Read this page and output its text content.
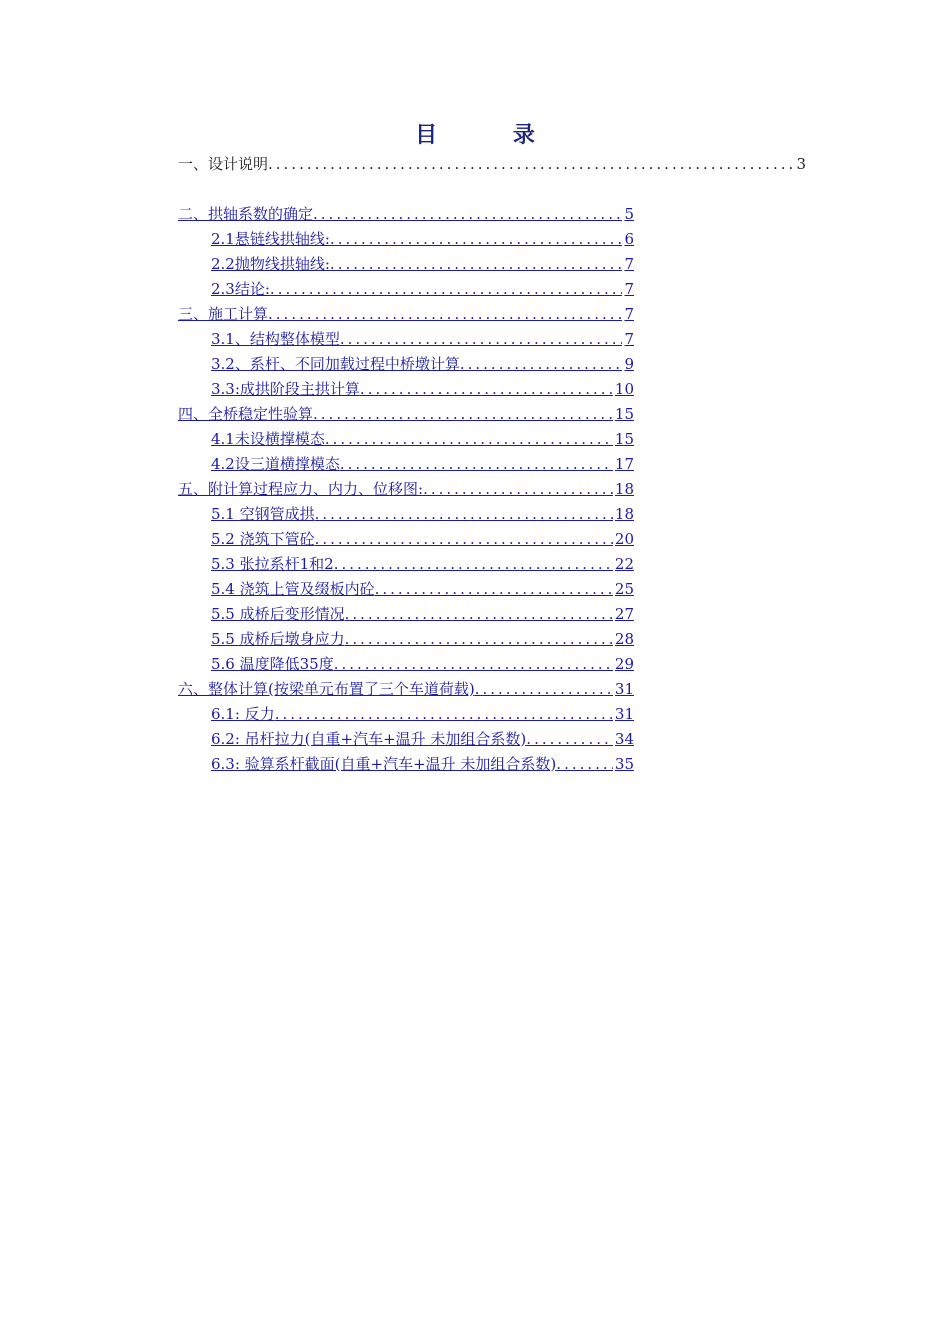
目 录
一、设计说明 .....	3
二、拱轴系数的确定 .....	5
2.1悬链线拱轴线: .....	6
2.2抛物线拱轴线: .....	7
2.3结论: .....	7
三、施工计算 .....	7
3.1、结构整体模型 .....	7
3.2、系杆、不同加载过程中桥墩计算 .....	9
3.3:成拱阶段主拱计算 .....	10
四、全桥稳定性验算 .....	15
4.1未设横撑模态 .....	15
4.2设三道横撑模态 .....	17
五、附计算过程应力、内力、位移图: .....	18
5.1 空钢管成拱 .....	18
5.2 浇筑下管砼 .....	20
5.3 张拉系杆1和2 .....	22
5.4 浇筑上管及缀板内砼 .....	25
5.5 成桥后变形情况 .....	27
5.5 成桥后墩身应力 .....	28
5.6 温度降低35度 .....	29
六、整体计算(按梁单元布置了三个车道荷载) .....	31
6.1: 反力 .....	31
6.2: 吊杆拉力(自重+汽车+温升 未加组合系数) .....	34
6.3: 验算系杆截面(自重+汽车+温升 未加组合系数) .....	35
